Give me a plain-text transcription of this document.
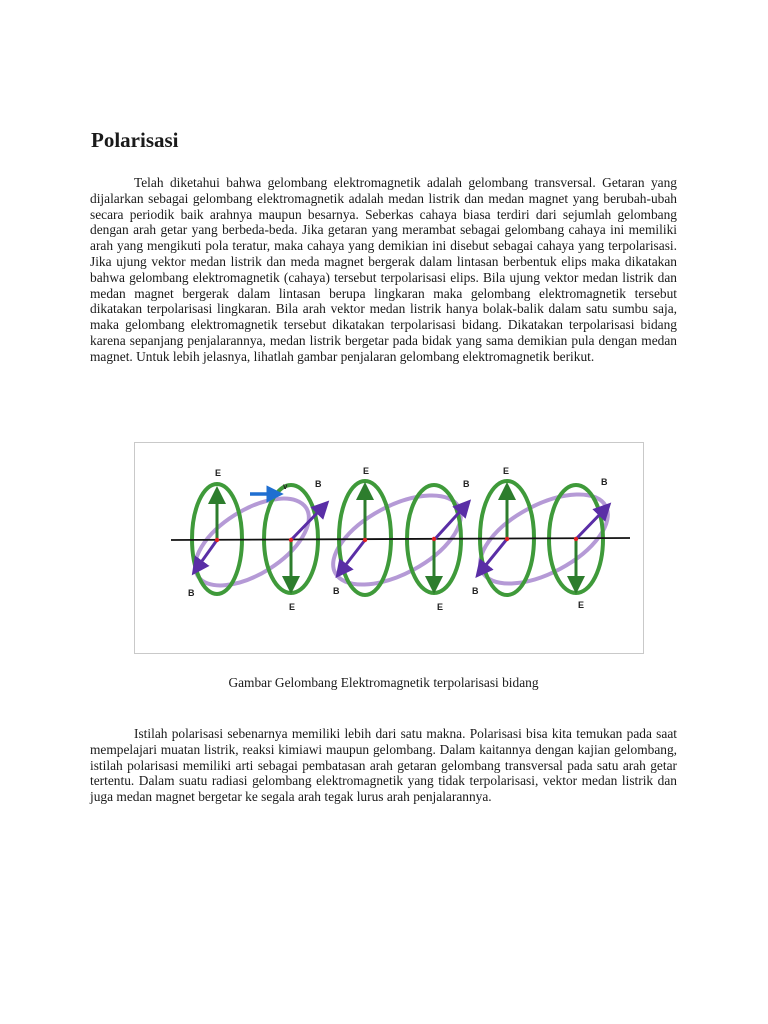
Polarisasi

Telah diketahui bahwa gelombang elektromagnetik adalah gelombang transversal. Getaran yang dijalarkan sebagai gelombang elektromagnetik adalah medan listrik dan medan magnet yang berubah-ubah secara periodik baik arahnya maupun besarnya. Seberkas cahaya biasa terdiri dari sejumlah gelombang dengan arah getar yang berbeda-beda. Jika getaran yang merambat sebagai gelombang cahaya ini memiliki arah yang mengikuti pola teratur, maka cahaya yang demikian ini disebut sebagai cahaya yang terpolarisasi. Jika ujung vektor medan listrik dan meda magnet bergerak dalam lintasan berbentuk elips maka dikatakan bahwa gelombang elektromagnetik (cahaya) tersebut terpolarisasi elips. Bila ujung vektor medan listrik dan medan magnet bergerak dalam lintasan berupa lingkaran maka gelombang elektromagnetik tersebut dikatakan terpolarisasi lingkaran. Bila arah vektor medan listrik hanya bolak-balik dalam satu sumbu saja, maka gelombang elektromagnetik tersebut dikatakan terpolarisasi bidang. Dikatakan terpolarisasi bidang karena sepanjang penjalarannya, medan listrik bergetar pada bidak yang sama demikian pula dengan medan magnet. Untuk lebih jelasnya, lihatlah gambar penjalaran gelombang elektromagnetik berikut.

E	E	E
E	E	E
B	B	B
B	B	B
v

Gambar Gelombang Elektromagnetik terpolarisasi bidang

Istilah polarisasi sebenarnya memiliki lebih dari satu makna. Polarisasi bisa kita temukan pada saat mempelajari muatan listrik, reaksi kimiawi maupun gelombang. Dalam kaitannya dengan kajian gelombang, istilah polarisasi memiliki arti sebagai pembatasan arah getaran gelombang transversal pada satu arah getar tertentu. Dalam suatu radiasi gelombang elektromagnetik yang tidak terpolarisasi, vektor medan listrik dan juga medan magnet bergetar ke segala arah tegak lurus arah penjalarannya.
